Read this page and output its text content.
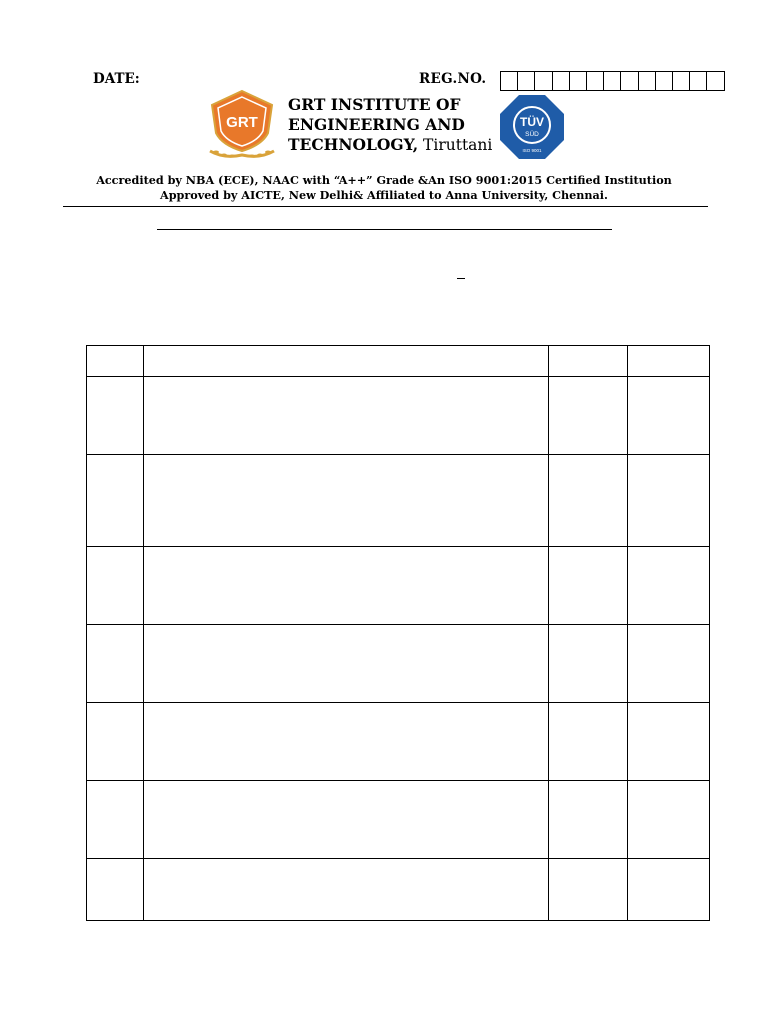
DATE:	REG.NO.
GRT
GRT INSTITUTE OF
ENGINEERING AND
TECHNOLOGY, Tiruttani
TÜV
SÜD
ISO 9001
Accredited by NBA (ECE), NAAC with “A++” Grade &An ISO 9001:2015 Certified Institution
Approved by AICTE, New Delhi& Affiliated to Anna University, Chennai.
